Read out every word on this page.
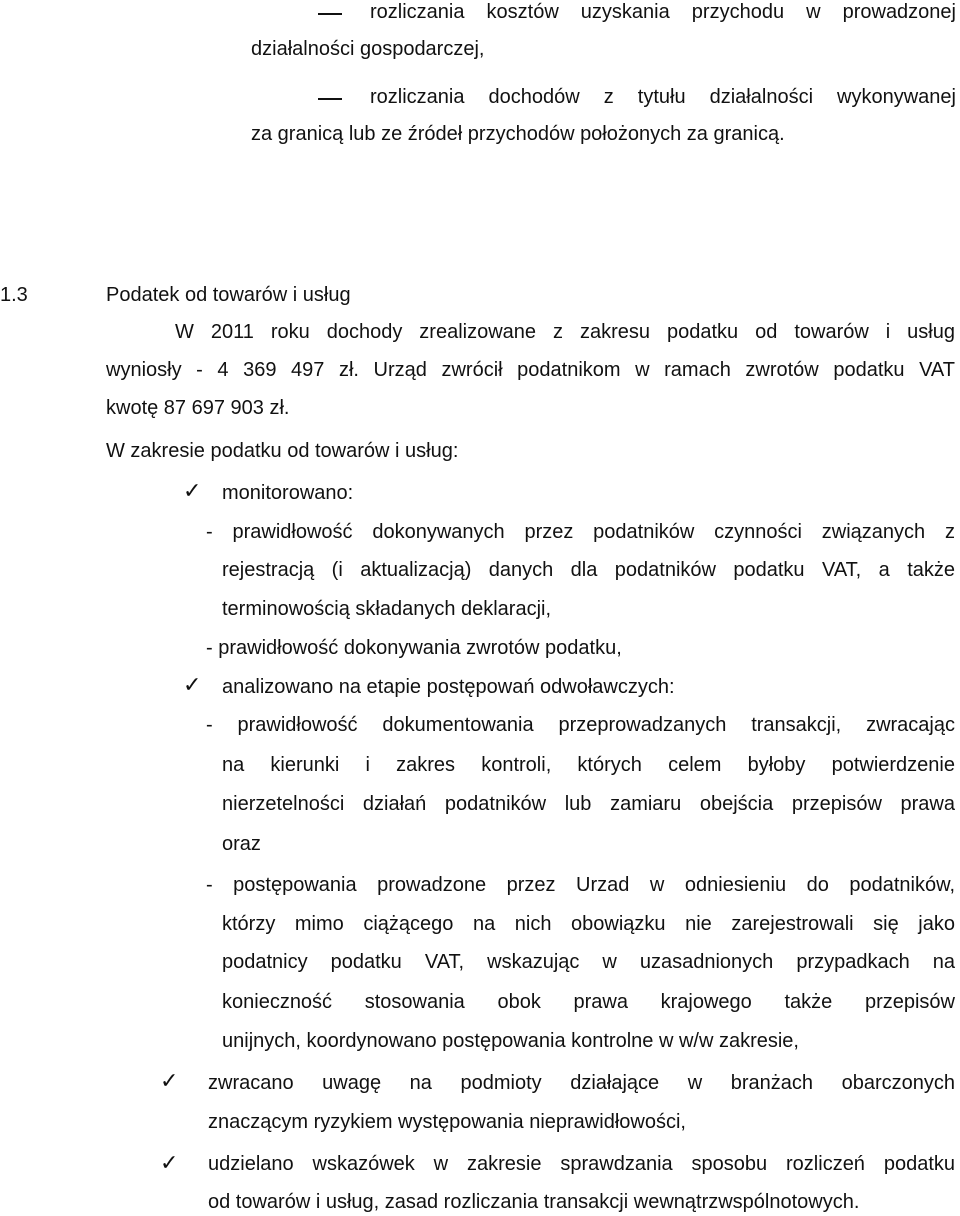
rozliczania kosztów uzyskania przychodu w prowadzonej
działalności gospodarczej,
rozliczania dochodów z tytułu działalności wykonywanej
za granicą lub ze źródeł przychodów położonych za granicą.
1.3	Podatek od towarów i usług
W 2011 roku dochody zrealizowane z zakresu podatku od towarów i usług
wyniosły - 4 369 497 zł. Urząd zwrócił podatnikom w ramach zwrotów podatku VAT
kwotę 87 697 903 zł.
W zakresie podatku od towarów i usług:
✓ monitorowano:
- prawidłowość dokonywanych przez podatników czynności związanych z
rejestracją (i aktualizacją) danych dla podatników podatku VAT, a także
terminowością składanych deklaracji,
- prawidłowość dokonywania zwrotów podatku,
✓ analizowano na etapie postępowań odwoławczych:
- prawidłowość dokumentowania przeprowadzanych transakcji, zwracając
na kierunki i zakres kontroli, których celem byłoby potwierdzenie
nierzetelności działań podatników lub zamiaru obejścia przepisów prawa
oraz
- postępowania prowadzone przez Urzad w odniesieniu do podatników,
którzy mimo ciążącego na nich obowiązku nie zarejestrowali się jako
podatnicy podatku VAT, wskazując w uzasadnionych przypadkach na
konieczność stosowania obok prawa krajowego także przepisów
unijnych, koordynowano postępowania kontrolne w w/w zakresie,
✓ zwracano uwagę na podmioty działające w branżach obarczonych
znaczącym ryzykiem występowania nieprawidłowości,
✓ udzielano wskazówek w zakresie sprawdzania sposobu rozliczeń podatku
od towarów i usług, zasad rozliczania transakcji wewnątrzwspólnotowych.
